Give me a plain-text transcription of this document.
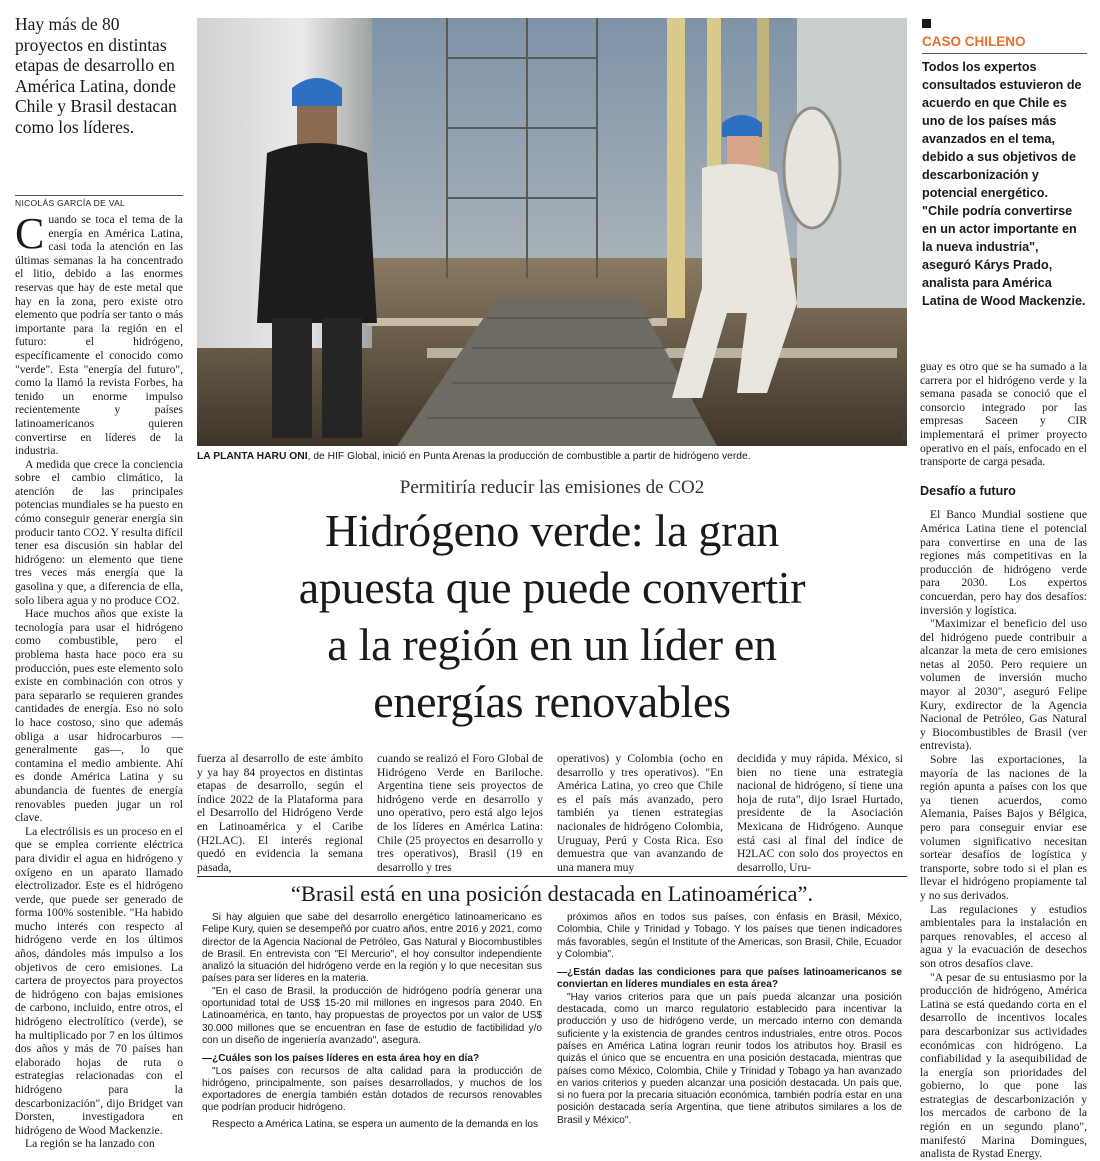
Hay más de 80 proyectos en distintas etapas de desarrollo en América Latina, donde Chile y Brasil destacan como los líderes.
NICOLÁS GARCÍA DE VAL

Cuando se toca el tema de la energía en América Latina, casi toda la atención en las últimas semanas la ha concentrado el litio, debido a las enormes reservas que hay de este metal que hay en la zona, pero existe otro elemento que podría ser tanto o más importante para la región en el futuro: el hidrógeno, específicamente el conocido como "verde". Esta "energía del futuro", como la llamó la revista Forbes, ha tenido un enorme impulso recientemente y países latinoamericanos quieren convertirse en líderes de la industria.

A medida que crece la conciencia sobre el cambio climático, la atención de las principales potencias mundiales se ha puesto en cómo conseguir generar energía sin producir tanto CO2. Y resulta difícil tener esa discusión sin hablar del hidrógeno: un elemento que tiene tres veces más energía que la gasolina y que, a diferencia de ella, solo libera agua y no produce CO2.

Hace muchos años que existe la tecnología para usar el hidrógeno como combustible, pero el problema hasta hace poco era su producción, pues este elemento solo existe en combinación con otros y para separarlo se requieren grandes cantidades de energía. Eso no solo lo hace costoso, sino que además obliga a usar hidrocarburos —generalmente gas—, lo que contamina el medio ambiente. Ahí es donde América Latina y su abundancia de fuentes de energía renovables pueden jugar un rol clave.

La electrólisis es un proceso en el que se emplea corriente eléctrica para dividir el agua en hidrógeno y oxígeno en un aparato llamado electrolizador. Este es el hidrógeno verde, que puede ser generado de forma 100% sostenible. "Ha habido mucho interés con respecto al hidrógeno verde en los últimos años, dándoles más impulso a los objetivos de cero emisiones. La cartera de proyectos para proyectos de hidrógeno con bajas emisiones de carbono, incluido, entre otros, el hidrógeno electrolítico (verde), se ha multiplicado por 7 en los últimos dos años y más de 70 países han elaborado hojas de ruta o estrategias relacionadas con el hidrógeno para la descarbonización", dijo Bridget van Dorsten, investigadora en hidrógeno de Wood Mackenzie.

La región se ha lanzado con

BLOOMBERG
LA PLANTA HARU ONI, de HIF Global, inició en Punta Arenas la producción de combustible a partir de hidrógeno verde.
Permitiría reducir las emisiones de CO2
Hidrógeno verde: la gran
apuesta que puede convertir
a la región en un líder en
energías renovables
fuerza al desarrollo de este ámbito y ya hay 84 proyectos en distintas etapas de desarrollo, según el índice 2022 de la Plataforma para el Desarrollo del Hidrógeno Verde en Latinoamérica y el Caribe (H2LAC). El interés regional quedó en evidencia la semana pasada,
cuando se realizó el Foro Global de Hidrógeno Verde en Bariloche. Argentina tiene seis proyectos de hidrógeno verde en desarrollo y uno operativo, pero está algo lejos de los líderes en América Latina: Chile (25 proyectos en desarrollo y tres operativos), Brasil (19 en desarrollo y tres
operativos) y Colombia (ocho en desarrollo y tres operativos). "En América Latina, yo creo que Chile es el país más avanzado, pero también ya tienen estrategias nacionales de hidrógeno Colombia, Uruguay, Perú y Costa Rica. Eso demuestra que van avanzando de una manera muy
decidida y muy rápida. México, si bien no tiene una estrategia nacional de hidrógeno, sí tiene una hoja de ruta", dijo Israel Hurtado, presidente de la Asociación Mexicana de Hidrógeno. Aunque está casi al final del índice de H2LAC con solo dos proyectos en desarrollo, Uru-
CASO CHILENO
Todos los expertos consultados estuvieron de acuerdo en que Chile es uno de los países más avanzados en el tema, debido a sus objetivos de descarbonización y potencial energético. "Chile podría convertirse en un actor importante en la nueva industria", aseguró Kárys Prado, analista para América Latina de Wood Mackenzie.

guay es otro que se ha sumado a la carrera por el hidrógeno verde y la semana pasada se conoció que el consorcio integrado por las empresas Saceen y CIR implementará el primer proyecto operativo en el país, enfocado en el transporte de carga pesada.

Desafío a futuro

El Banco Mundial sostiene que América Latina tiene el potencial para convertirse en una de las regiones más competitivas en la producción de hidrógeno verde para 2030. Los expertos concuerdan, pero hay dos desafíos: inversión y logística.

"Maximizar el beneficio del uso del hidrógeno puede contribuir a alcanzar la meta de cero emisiones netas al 2050. Pero requiere un volumen de inversión mucho mayor al 2030", aseguró Felipe Kury, exdirector de la Agencia Nacional de Petróleo, Gas Natural y Biocombustibles de Brasil (ver entrevista).

Sobre las exportaciones, la mayoría de las naciones de la región apunta a países con los que ya tienen acuerdos, como Alemania, Países Bajos y Bélgica, pero para conseguir enviar ese volumen significativo necesitan sortear desafíos de logística y transporte, sobre todo si el plan es llevar el hidrógeno propiamente tal y no sus derivados.

Las regulaciones y estudios ambientales para la instalación en parques renovables, el acceso al agua y la evacuación de desechos son otros desafíos clave.

"A pesar de su entusiasmo por la producción de hidrógeno, América Latina se está quedando corta en el desarrollo de incentivos locales para descarbonizar sus actividades económicas con hidrógeno. La confiabilidad y la asequibilidad de la energía son prioridades del gobierno, lo que pone las estrategias de descarbonización y los mercados de carbono de la región en un segundo plano", manifestó Marina Domingues, analista de Rystad Energy.

“Brasil está en una posición destacada en Latinoamérica”.

Si hay alguien que sabe del desarrollo energético latinoamericano es Felipe Kury, quien se desempeñó por cuatro años, entre 2016 y 2021, como director de la Agencia Nacional de Petróleo, Gas Natural y Biocombustibles de Brasil. En entrevista con "El Mercurio", el hoy consultor independiente analizó la situación del hidrógeno verde en la región y lo que necesitan sus países para ser líderes en la materia.

"En el caso de Brasil, la producción de hidrógeno podría generar una oportunidad total de US$ 15-20 mil millones en ingresos para 2040. En Latinoamérica, en tanto, hay propuestas de proyectos por un valor de US$ 30.000 millones que se encuentran en fase de estudio de factibilidad y/o con un diseño de ingeniería avanzado", asegura.

—¿Cuáles son los países líderes en esta área hoy en día?

"Los países con recursos de alta calidad para la producción de hidrógeno, principalmente, son países desarrollados, y muchos de los exportadores de energía también están dotados de recursos renovables que podrían producir hidrógeno.

Respecto a América Latina, se espera un aumento de la demanda en los

próximos años en todos sus países, con énfasis en Brasil, México, Colombia, Chile y Trinidad y Tobago. Y los países que tienen indicadores más favorables, según el Institute of the Americas, son Brasil, Chile, Ecuador y Colombia".

—¿Están dadas las condiciones para que países latinoamericanos se conviertan en líderes mundiales en esta área?

"Hay varios criterios para que un país pueda alcanzar una posición destacada, como un marco regulatorio establecido para incentivar la producción y uso de hidrógeno verde, un mercado interno con demanda suficiente y la existencia de grandes centros industriales, entre otros. Pocos países en América Latina logran reunir todos los atributos hoy. Brasil es quizás el único que se encuentra en una posición destacada, mientras que países como México, Colombia, Chile y Trinidad y Tobago ya han avanzado en varios criterios y pueden alcanzar una posición destacada. Un país que, si no fuera por la precaria situación económica, también podría estar en una posición destacada sería Argentina, que tiene atributos similares a los de Brasil y México".
